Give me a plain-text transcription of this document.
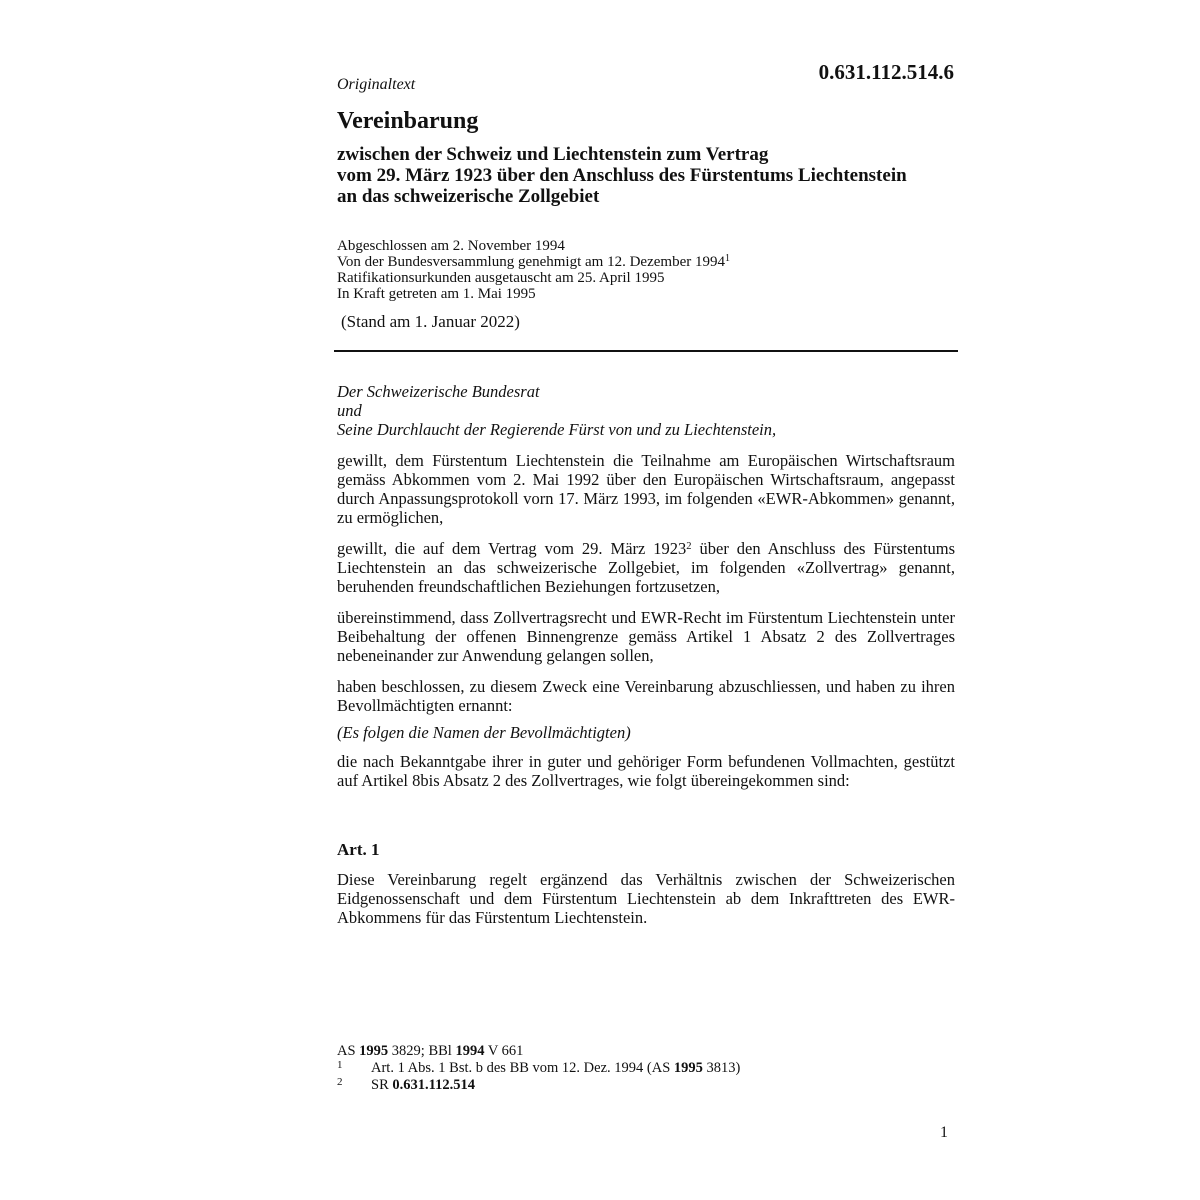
Originaltext
0.631.112.514.6
Vereinbarung
zwischen der Schweiz und Liechtenstein zum Vertrag
vom 29. März 1923 über den Anschluss des Fürstentums Liechtenstein
an das schweizerische Zollgebiet
Abgeschlossen am 2. November 1994
Von der Bundesversammlung genehmigt am 12. Dezember 1994$^1$
Ratifikationsurkunden ausgetauscht am 25. April 1995
In Kraft getreten am 1. Mai 1995
(Stand am 1. Januar 2022)
Der Schweizerische Bundesrat
und
Seine Durchlaucht der Regierende Fürst von und zu Liechtenstein,
gewillt, dem Fürstentum Liechtenstein die Teilnahme am Europäischen Wirtschaftsraum gemäss Abkommen vom 2. Mai 1992 über den Europäischen Wirtschaftsraum, angepasst durch Anpassungsprotokoll vorn 17. März 1993, im folgenden «EWR-Abkommen» genannt, zu ermöglichen,
gewillt, die auf dem Vertrag vom 29. März 1923$^2$ über den Anschluss des Fürstentums Liechtenstein an das schweizerische Zollgebiet, im folgenden «Zollvertrag» genannt, beruhenden freundschaftlichen Beziehungen fortzusetzen,
übereinstimmend, dass Zollvertragsrecht und EWR-Recht im Fürstentum Liechtenstein unter Beibehaltung der offenen Binnengrenze gemäss Artikel 1 Absatz 2 des Zollvertrages nebeneinander zur Anwendung gelangen sollen,
haben beschlossen, zu diesem Zweck eine Vereinbarung abzuschliessen, und haben zu ihren Bevollmächtigten ernannt:
(Es folgen die Namen der Bevollmächtigten)
die nach Bekanntgabe ihrer in guter und gehöriger Form befundenen Vollmachten, gestützt auf Artikel 8bis Absatz 2 des Zollvertrages, wie folgt übereingekommen sind:
Art. 1
Diese Vereinbarung regelt ergänzend das Verhältnis zwischen der Schweizerischen Eidgenossenschaft und dem Fürstentum Liechtenstein ab dem Inkrafttreten des EWR-Abkommens für das Fürstentum Liechtenstein.
AS 1995 3829; BBl 1994 V 661
1	Art. 1 Abs. 1 Bst. b des BB vom 12. Dez. 1994 (AS 1995 3813)
2	SR 0.631.112.514
1
